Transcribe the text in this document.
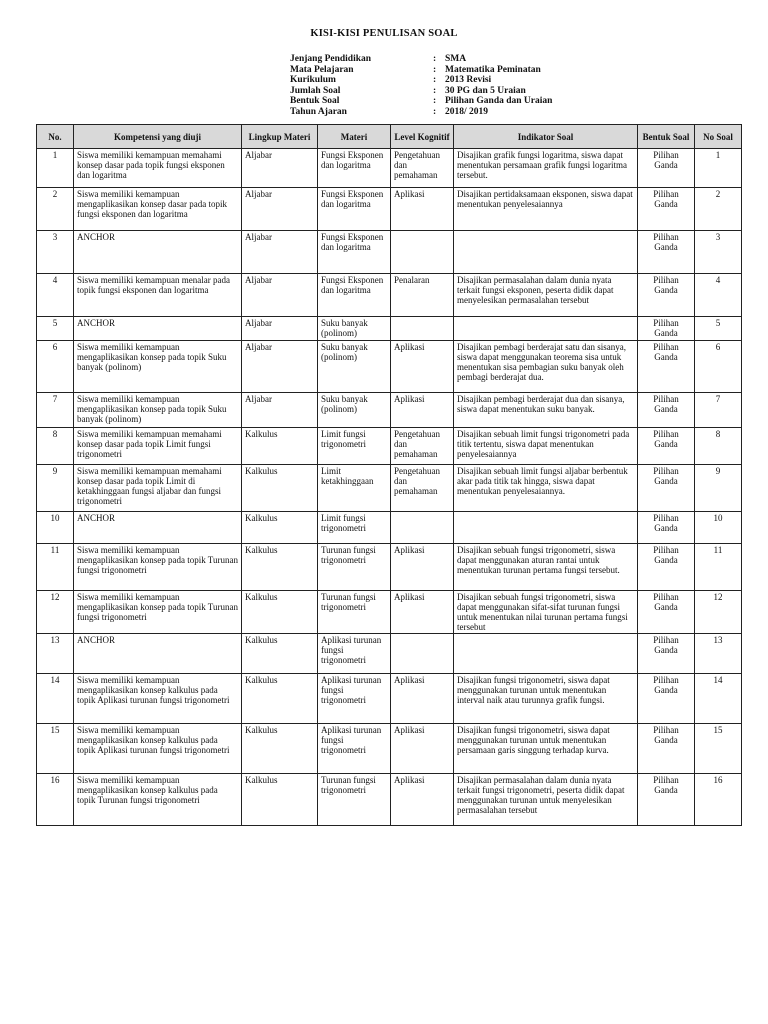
KISI-KISI PENULISAN SOAL
Jenjang Pendidikan	: SMA
Mata Pelajaran	: Matematika Peminatan
Kurikulum	: 2013 Revisi
Jumlah Soal	: 30 PG dan 5 Uraian
Bentuk Soal	: Pilihan Ganda dan Uraian
Tahun Ajaran	: 2018/ 2019
No.	Kompetensi yang diuji	Lingkup Materi	Materi	Level Kognitif	Indikator Soal	Bentuk Soal	No Soal
1	Siswa memiliki kemampuan memahami konsep dasar pada topik fungsi eksponen dan logaritma	Aljabar	Fungsi Eksponen dan logaritma	Pengetahuan dan pemahaman	Disajikan grafik fungsi logaritma, siswa dapat menentukan persamaan grafik fungsi logaritma tersebut.	Pilihan Ganda	1
2	Siswa memiliki kemampuan mengaplikasikan konsep dasar pada topik fungsi eksponen dan logaritma	Aljabar	Fungsi Eksponen dan logaritma	Aplikasi	Disajikan pertidaksamaan eksponen, siswa dapat menentukan penyelesaiannya	Pilihan Ganda	2
3	ANCHOR	Aljabar	Fungsi Eksponen dan logaritma			Pilihan Ganda	3
4	Siswa memiliki kemampuan menalar pada topik fungsi eksponen dan logaritma	Aljabar	Fungsi Eksponen dan logaritma	Penalaran	Disajikan permasalahan dalam dunia nyata terkait fungsi eksponen, peserta didik dapat menyelesikan permasalahan tersebut	Pilihan Ganda	4
5	ANCHOR	Aljabar	Suku banyak (polinom)			Pilihan Ganda	5
6	Siswa memiliki kemampuan mengaplikasikan konsep pada topik Suku banyak (polinom)	Aljabar	Suku banyak (polinom)	Aplikasi	Disajikan pembagi berderajat satu dan sisanya, siswa dapat menggunakan teorema sisa untuk menentukan sisa pembagian suku banyak oleh pembagi berderajat dua.	Pilihan Ganda	6
7	Siswa memiliki kemampuan mengaplikasikan konsep pada topik Suku banyak (polinom)	Aljabar	Suku banyak (polinom)	Aplikasi	Disajikan pembagi berderajat dua dan sisanya, siswa dapat menentukan suku banyak.	Pilihan Ganda	7
8	Siswa memiliki kemampuan memahami konsep dasar pada topik Limit fungsi trigonometri	Kalkulus	Limit fungsi trigonometri	Pengetahuan dan pemahaman	Disajikan sebuah limit fungsi trigonometri pada titik tertentu, siswa dapat menentukan penyelesaiannya	Pilihan Ganda	8
9	Siswa memiliki kemampuan memahami konsep dasar pada topik Limit di ketakhinggaan fungsi aljabar dan fungsi trigonometri	Kalkulus	Limit ketakhinggaan	Pengetahuan dan pemahaman	Disajikan sebuah limit fungsi aljabar berbentuk akar pada titik tak hingga, siswa dapat menentukan penyelesaiannya.	Pilihan Ganda	9
10	ANCHOR	Kalkulus	Limit fungsi trigonometri			Pilihan Ganda	10
11	Siswa memiliki kemampuan mengaplikasikan konsep pada topik Turunan fungsi trigonometri	Kalkulus	Turunan fungsi trigonometri	Aplikasi	Disajikan sebuah fungsi trigonometri, siswa dapat menggunakan aturan rantai untuk menentukan turunan pertama fungsi tersebut.	Pilihan Ganda	11
12	Siswa memiliki kemampuan mengaplikasikan konsep pada topik Turunan fungsi trigonometri	Kalkulus	Turunan fungsi trigonometri	Aplikasi	Disajikan sebuah fungsi trigonometri, siswa dapat menggunakan sifat-sifat turunan fungsi untuk menentukan nilai turunan pertama fungsi tersebut	Pilihan Ganda	12
13	ANCHOR	Kalkulus	Aplikasi turunan fungsi trigonometri			Pilihan Ganda	13
14	Siswa memiliki kemampuan mengaplikasikan konsep kalkulus pada topik Aplikasi turunan fungsi trigonometri	Kalkulus	Aplikasi turunan fungsi trigonometri	Aplikasi	Disajikan fungsi trigonometri, siswa dapat menggunakan turunan untuk menentukan interval naik atau turunnya grafik fungsi.	Pilihan Ganda	14
15	Siswa memiliki kemampuan mengaplikasikan konsep kalkulus pada topik Aplikasi turunan fungsi trigonometri	Kalkulus	Aplikasi turunan fungsi trigonometri	Aplikasi	Disajikan fungsi trigonometri, siswa dapat menggunakan turunan untuk menentukan persamaan garis singgung terhadap kurva.	Pilihan Ganda	15
16	Siswa memiliki kemampuan mengaplikasikan konsep kalkulus pada topik Turunan fungsi trigonometri	Kalkulus	Turunan fungsi trigonometri	Aplikasi	Disajikan permasalahan dalam dunia nyata terkait fungsi trigonometri, peserta didik dapat menggunakan turunan untuk menyelesikan permasalahan tersebut	Pilihan Ganda	16
